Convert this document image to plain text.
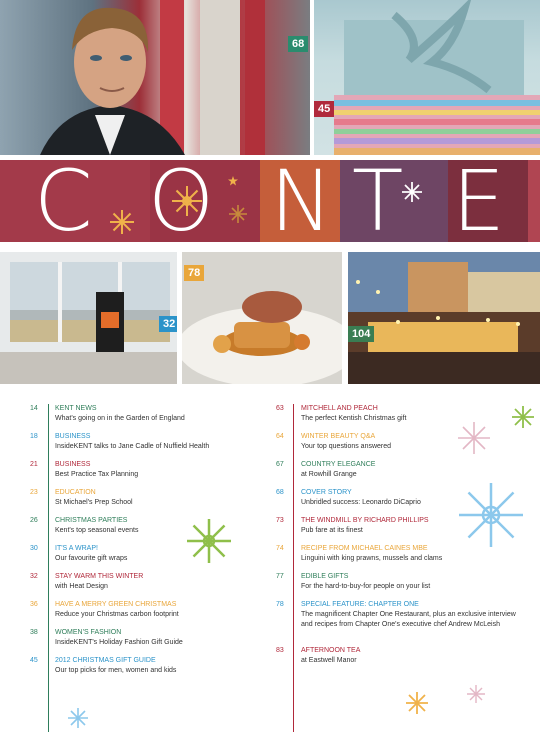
68
45
C O N T E
32
78
104
14	KENT NEWS
What's going on in the Garden of England
18	BUSINESS
InsideKENT talks to Jane Cadle of Nuffield Health
21	BUSINESS
Best Practice Tax Planning
23	EDUCATION
St Michael's Prep School
26	CHRISTMAS PARTIES
Kent's top seasonal events
30	IT'S A WRAP!
Our favourite gift wraps
32	STAY WARM THIS WINTER
with Heat Design
36	HAVE A MERRY GREEN CHRISTMAS
Reduce your Christmas carbon footprint
38	WOMEN'S FASHION
InsideKENT's Holiday Fashion Gift Guide
45	2012 CHRISTMAS GIFT GUIDE
Our top picks for men, women and kids
63	MITCHELL AND PEACH
The perfect Kentish Christmas gift
64	WINTER BEAUTY Q&A
Your top questions answered
67	COUNTRY ELEGANCE
at Rowhill Grange
68	COVER STORY
Unbridled success: Leonardo DiCaprio
73	THE WINDMILL BY RICHARD PHILLIPS
Pub fare at its finest
74	RECIPE FROM MICHAEL CAINES MBE
Linguini with king prawns, mussels and clams
77	EDIBLE GIFTS
For the hard-to-buy-for people on your list
78	SPECIAL FEATURE: CHAPTER ONE
The magnificent Chapter One Restaurant, plus an exclusive interview and recipes from Chapter One's executive chef Andrew McLeish
83	AFTERNOON TEA
at Eastwell Manor
